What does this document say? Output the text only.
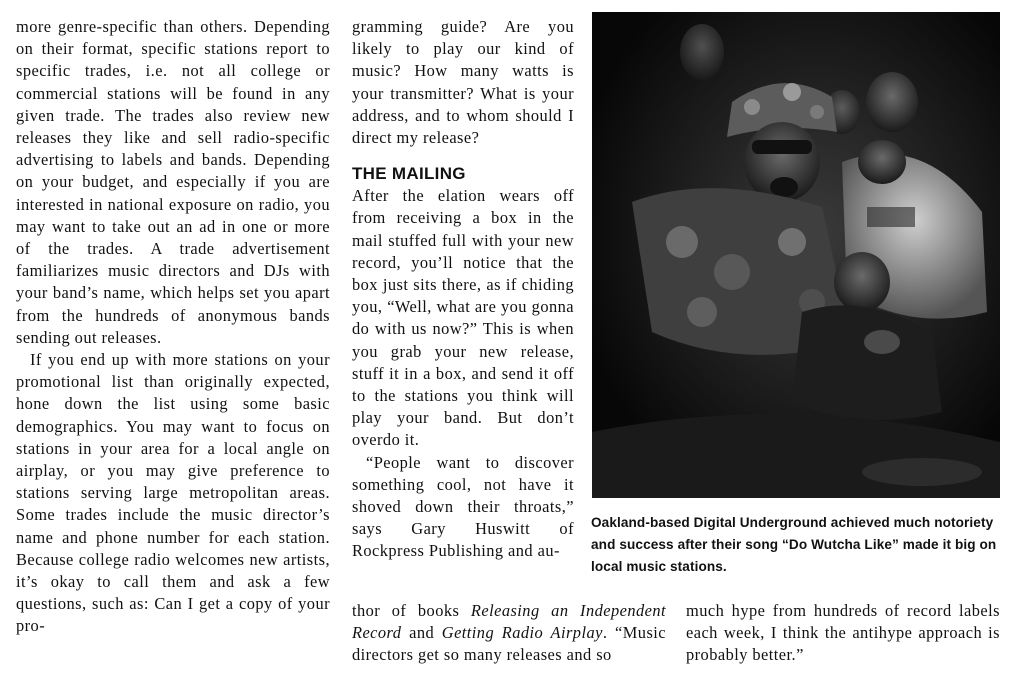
more genre-specific than others. Depending on their format, specific stations report to specific trades, i.e. not all college or commercial stations will be found in any given trade. The trades also review new releases they like and sell radio-specific advertising to labels and bands. Depending on your budget, and especially if you are interested in national exposure on radio, you may want to take out an ad in one or more of the trades. A trade advertisement familiarizes music directors and DJs with your band’s name, which helps set you apart from the hundreds of anonymous bands sending out releases.

If you end up with more stations on your promotional list than originally expected, hone down the list using some basic demographics. You may want to focus on stations in your area for a local angle on airplay, or you may give preference to stations serving large metropolitan areas. Some trades include the music director’s name and phone number for each station. Because college radio welcomes new artists, it’s okay to call them and ask a few questions, such as: Can I get a copy of your pro-

gramming guide? Are you likely to play our kind of music? How many watts is your transmitter? What is your address, and to whom should I direct my release?

THE MAILING

After the elation wears off from receiving a box in the mail stuffed full with your new record, you’ll notice that the box just sits there, as if chiding you, “Well, what are you gonna do with us now?” This is when you grab your new release, stuff it in a box, and send it off to the stations you think will play your band. But don’t overdo it.

“People want to discover something cool, not have it shoved down their throats,” says Gary Huswitt of Rockpress Publishing and au-

thor of books Releasing an Independent Record and Getting Radio Airplay. “Music directors get so many releases and so

much hype from hundreds of record labels each week, I think the antihype approach is probably better.”

Oakland-based Digital Underground achieved much notoriety and success after their song “Do Wutcha Like” made it big on local music stations.
